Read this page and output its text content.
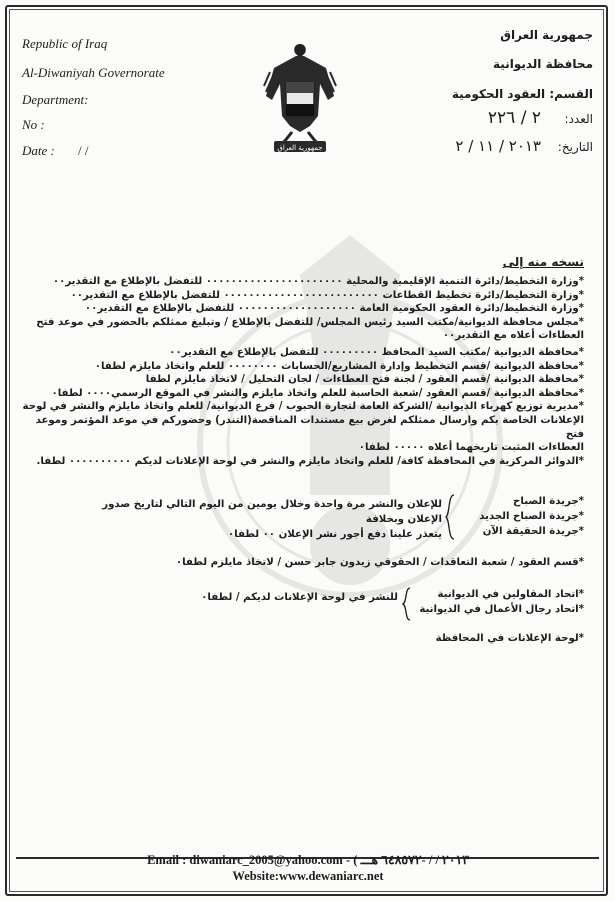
Republic of Iraq
Al-Diwaniyah Governorate
Department:
No :
Date : / /	جمهورية العراق
جمهورية العراق
محافظة الديوانية
القسم: العقود الحكومية
العدد:
٢ / ٢٢٦
التاريخ:
٢٠١٣ / ١١ / ٢
نسخه منه إلى
*وزارة التخطيط/دائرة التنمية الإقليمية والمحلية ٠٠٠٠٠٠٠٠٠٠٠٠٠٠٠٠٠٠٠٠٠٠ للتفضل بالإطلاع مع التقدير٠٠
*وزارة التخطيط/دائرة تخطيط القطاعات ٠٠٠٠٠٠٠٠٠٠٠٠٠٠٠٠٠٠٠٠٠٠٠٠٠ للتفضل بالإطلاع مع التقدير٠٠
*وزارة التخطيط/دائرة العقود الحكومية العامة ٠٠٠٠٠٠٠٠٠٠٠٠٠٠٠٠٠٠٠ للتفضل بالإطلاع مع التقدير٠٠
*مجلس محافظة الديوانية/مكتب السيد رئيس المجلس/ للتفضل بالإطلاع / وتبليغ ممثلكم بالحضور في موعد فتح
العطاءات أعلاه مع التقدير٠٠
*محافظة الديوانية /مكتب السيد المحافظ ٠٠٠٠٠٠٠٠٠ للتفضل بالإطلاع مع التقدير٠٠
*محافظة الديوانية /قسم التخطيط وإدارة المشاريع/الحسابات ٠٠٠٠٠٠٠٠ للعلم واتخاذ مايلزم لطفا٠
*محافظة الديوانية /قسم العقود / لجنة فتح العطاءات / لجان التحليل / لاتخاذ مايلزم لطفا
*محافظة الديوانية /قسم العقود /شعبة الحاسبة للعلم واتخاذ مايلزم والنشر في الموقع الرسمي٠٠٠٠ لطفا٠
*مديرية توزيع كهرباء الديوانية /الشركة العامة لتجارة الحبوب / فرع الديوانية/ للعلم واتخاذ مايلزم والنشر في لوحة
الإعلانات الخاصة بكم وارسال ممثلكم لغرض بيع مستندات المناقصة(التندر) وحضوركم في موعد المؤتمر وموعد فتح
العطاءات المثبت تاريخهما أعلاه ٠٠٠٠٠ لطفا٠
*الدوائر المركزية في المحافظة كافة/ للعلم واتخاذ مايلزم والنشر في لوحة الإعلانات لديكم ٠٠٠٠٠٠٠٠٠٠ لطفا.
*جريدة الصباح
*جريدة الصباح الجديد
*جريدة الحقيقة الآن
للإعلان والنشر مرة واحدة وخلال يومين من اليوم التالي لتاريخ صدور الإعلان وبخلافة
يتعذر علينا دفع أجور نشر الإعلان ٠٠ لطفا٠
*قسم العقود / شعبة التعاقدات / الحقوقي زيدون جابر حسن / لاتخاذ مايلزم لطفا٠
*اتحاد المقاولين في الديوانية
*اتحاد رجال الأعمال في الديوانية
للنشر في لوحة الإعلانات لديكم / لطفا٠
*لوحة الإعلانات في المحافظة
Email : diwaniarc_2005@yahoo.com - ( ٢٠١٣ / / -٦٤٨٥٧٢ هـــ
Website:www.dewaniarc.net
